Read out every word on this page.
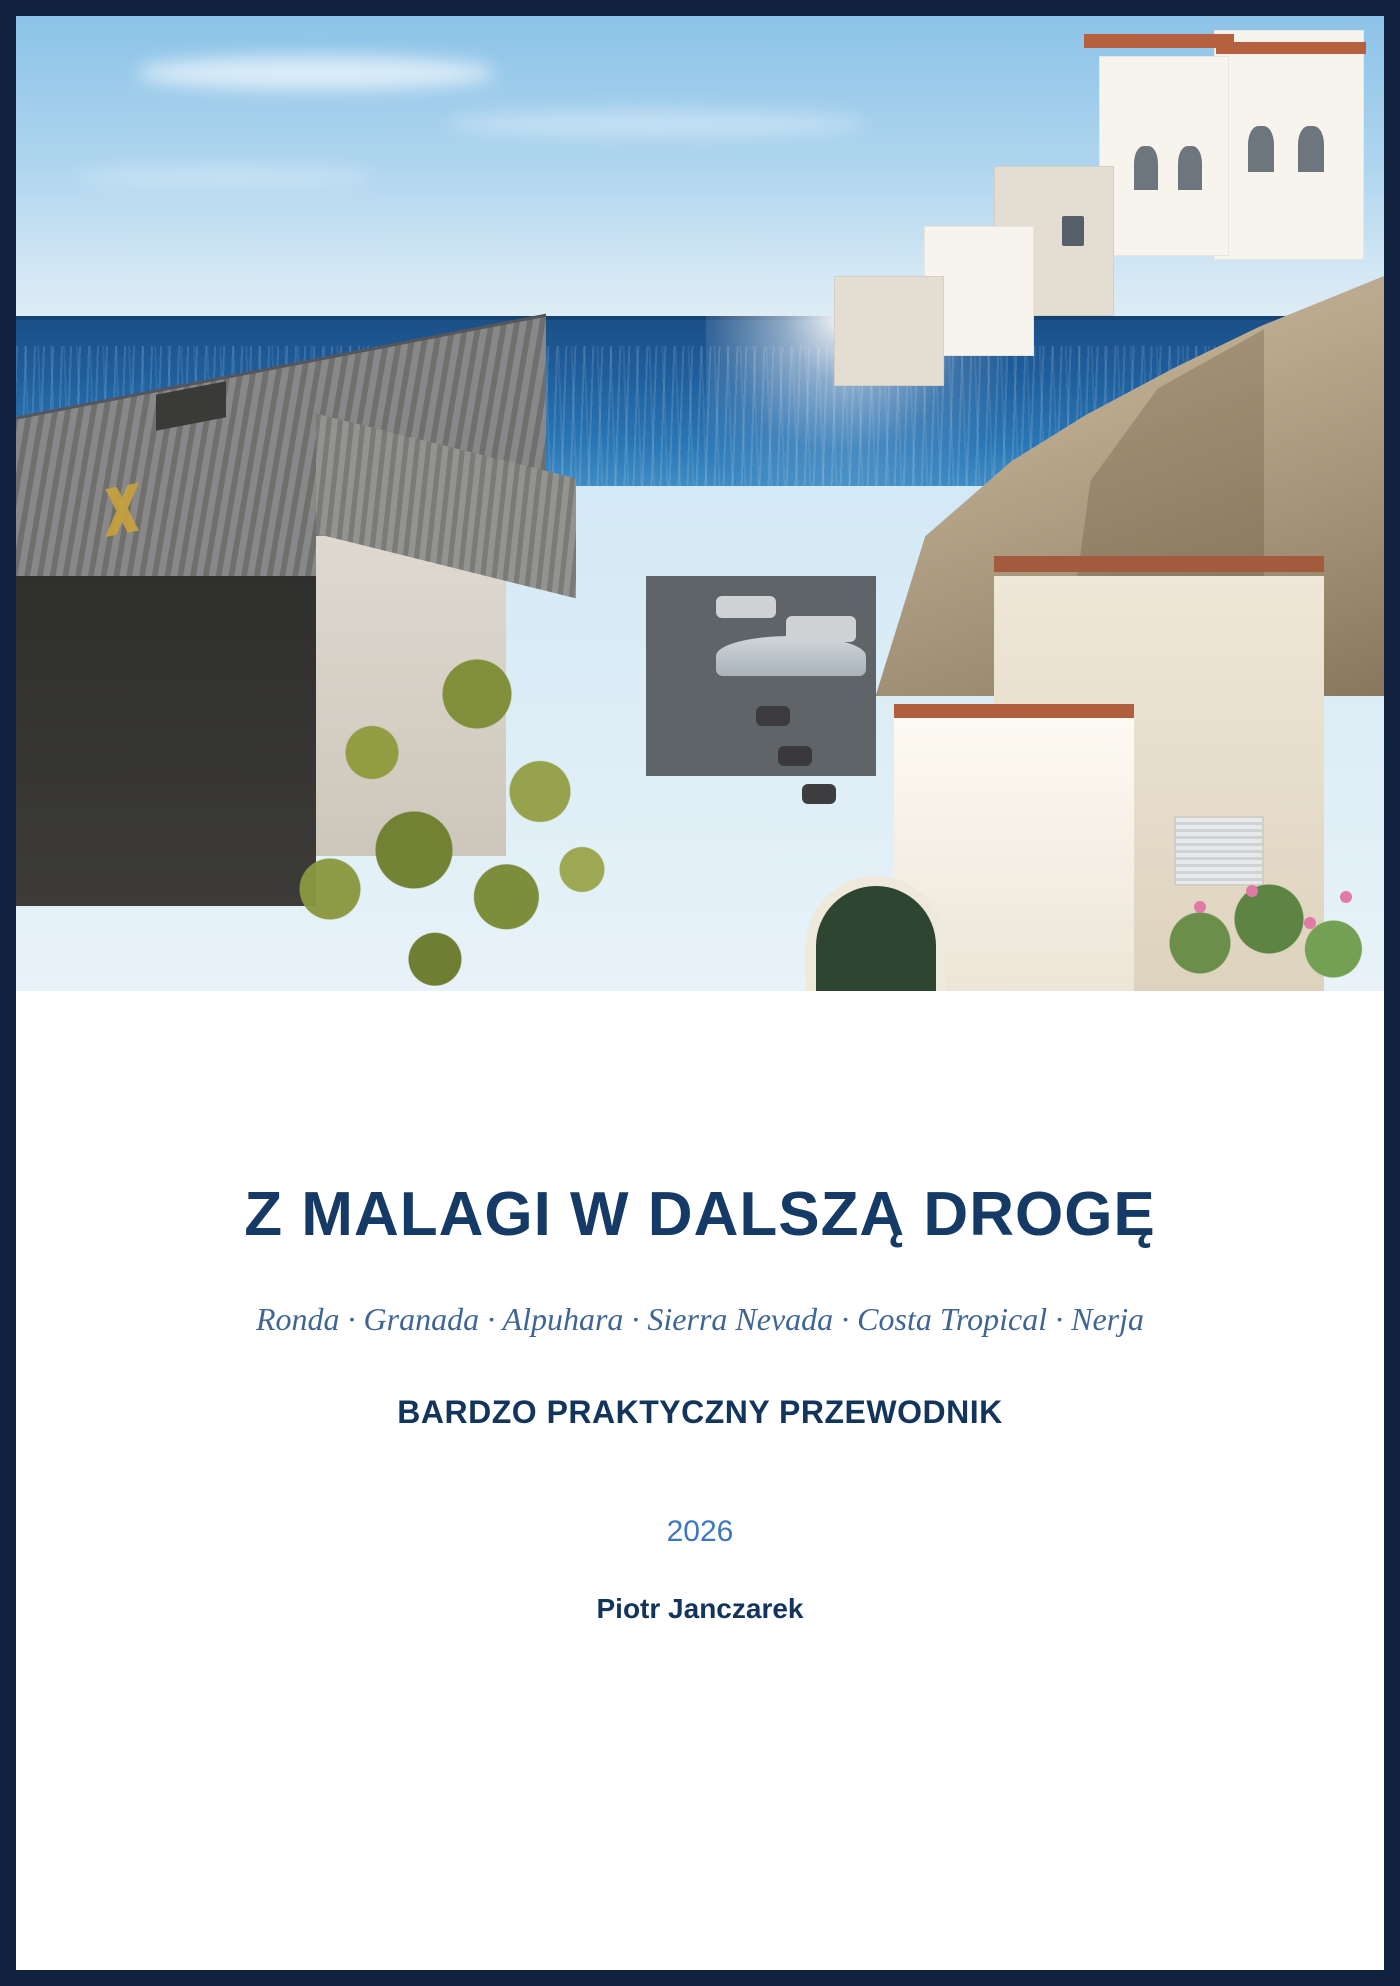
Z MALAGI W DALSZĄ DROGĘ
Ronda · Granada · Alpuhara · Sierra Nevada · Costa Tropical · Nerja
BARDZO PRAKTYCZNY PRZEWODNIK
2026
Piotr Janczarek
